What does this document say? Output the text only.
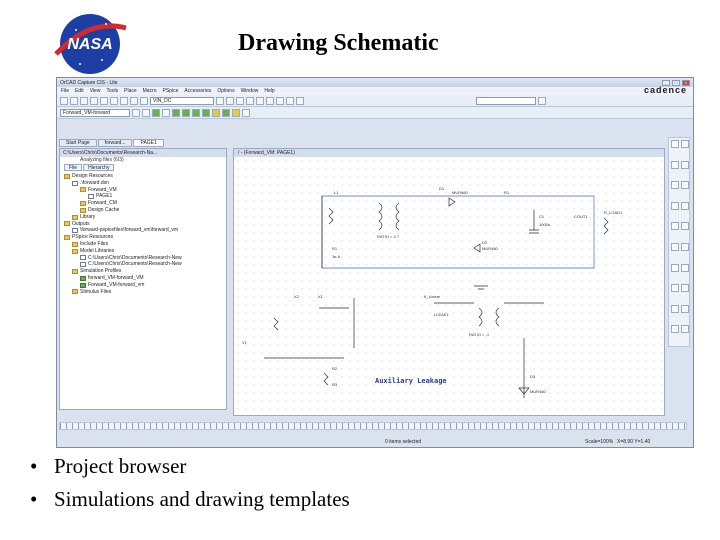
NASA	Drawing Schematic
OrCAD Capture CIS - Lite	_	□	x
File Edit View Tools Place Macro PSpice Accessories Options Window Help	cadence
VIN_DC
Forward_VM-forward
Start Page	forward...	PAGE1
C:\Users\Chris\Documents\Research-Na...
Analyzing files (6/3)
File	Hierarchy
Design Resources
.\forward.dsn
Forward_VM
PAGE1
Forward_CM
Design Cache
Library
Outputs
\forward-pspicefiles\forward_vm\forward_vm
PSpice Resources
Include Files
Model Libraries
C:\Users\Chris\Documents\Research-New
C:\Users\Chris\Documents\Research-New
Simulation Profiles
forward_VM-forward_VM
Forward_VM-forward_vm
Stimulus Files
/ - (Forward_VM: PAGE1)
L1	MUR460	R1
D1
C1	COUT1
R_LOAD1
1000u
D2
MUR460
R1
1e-6
X2	X1
RATIO = 4.7
K_Linear
LLEAK1
RATIO = -1
D3
MUR460
V1
R2
R3	Auxiliary Leakage
0 items selected	Scale=100% X=8.90 Y=1.40
• Project browser
• Simulations and drawing templates
